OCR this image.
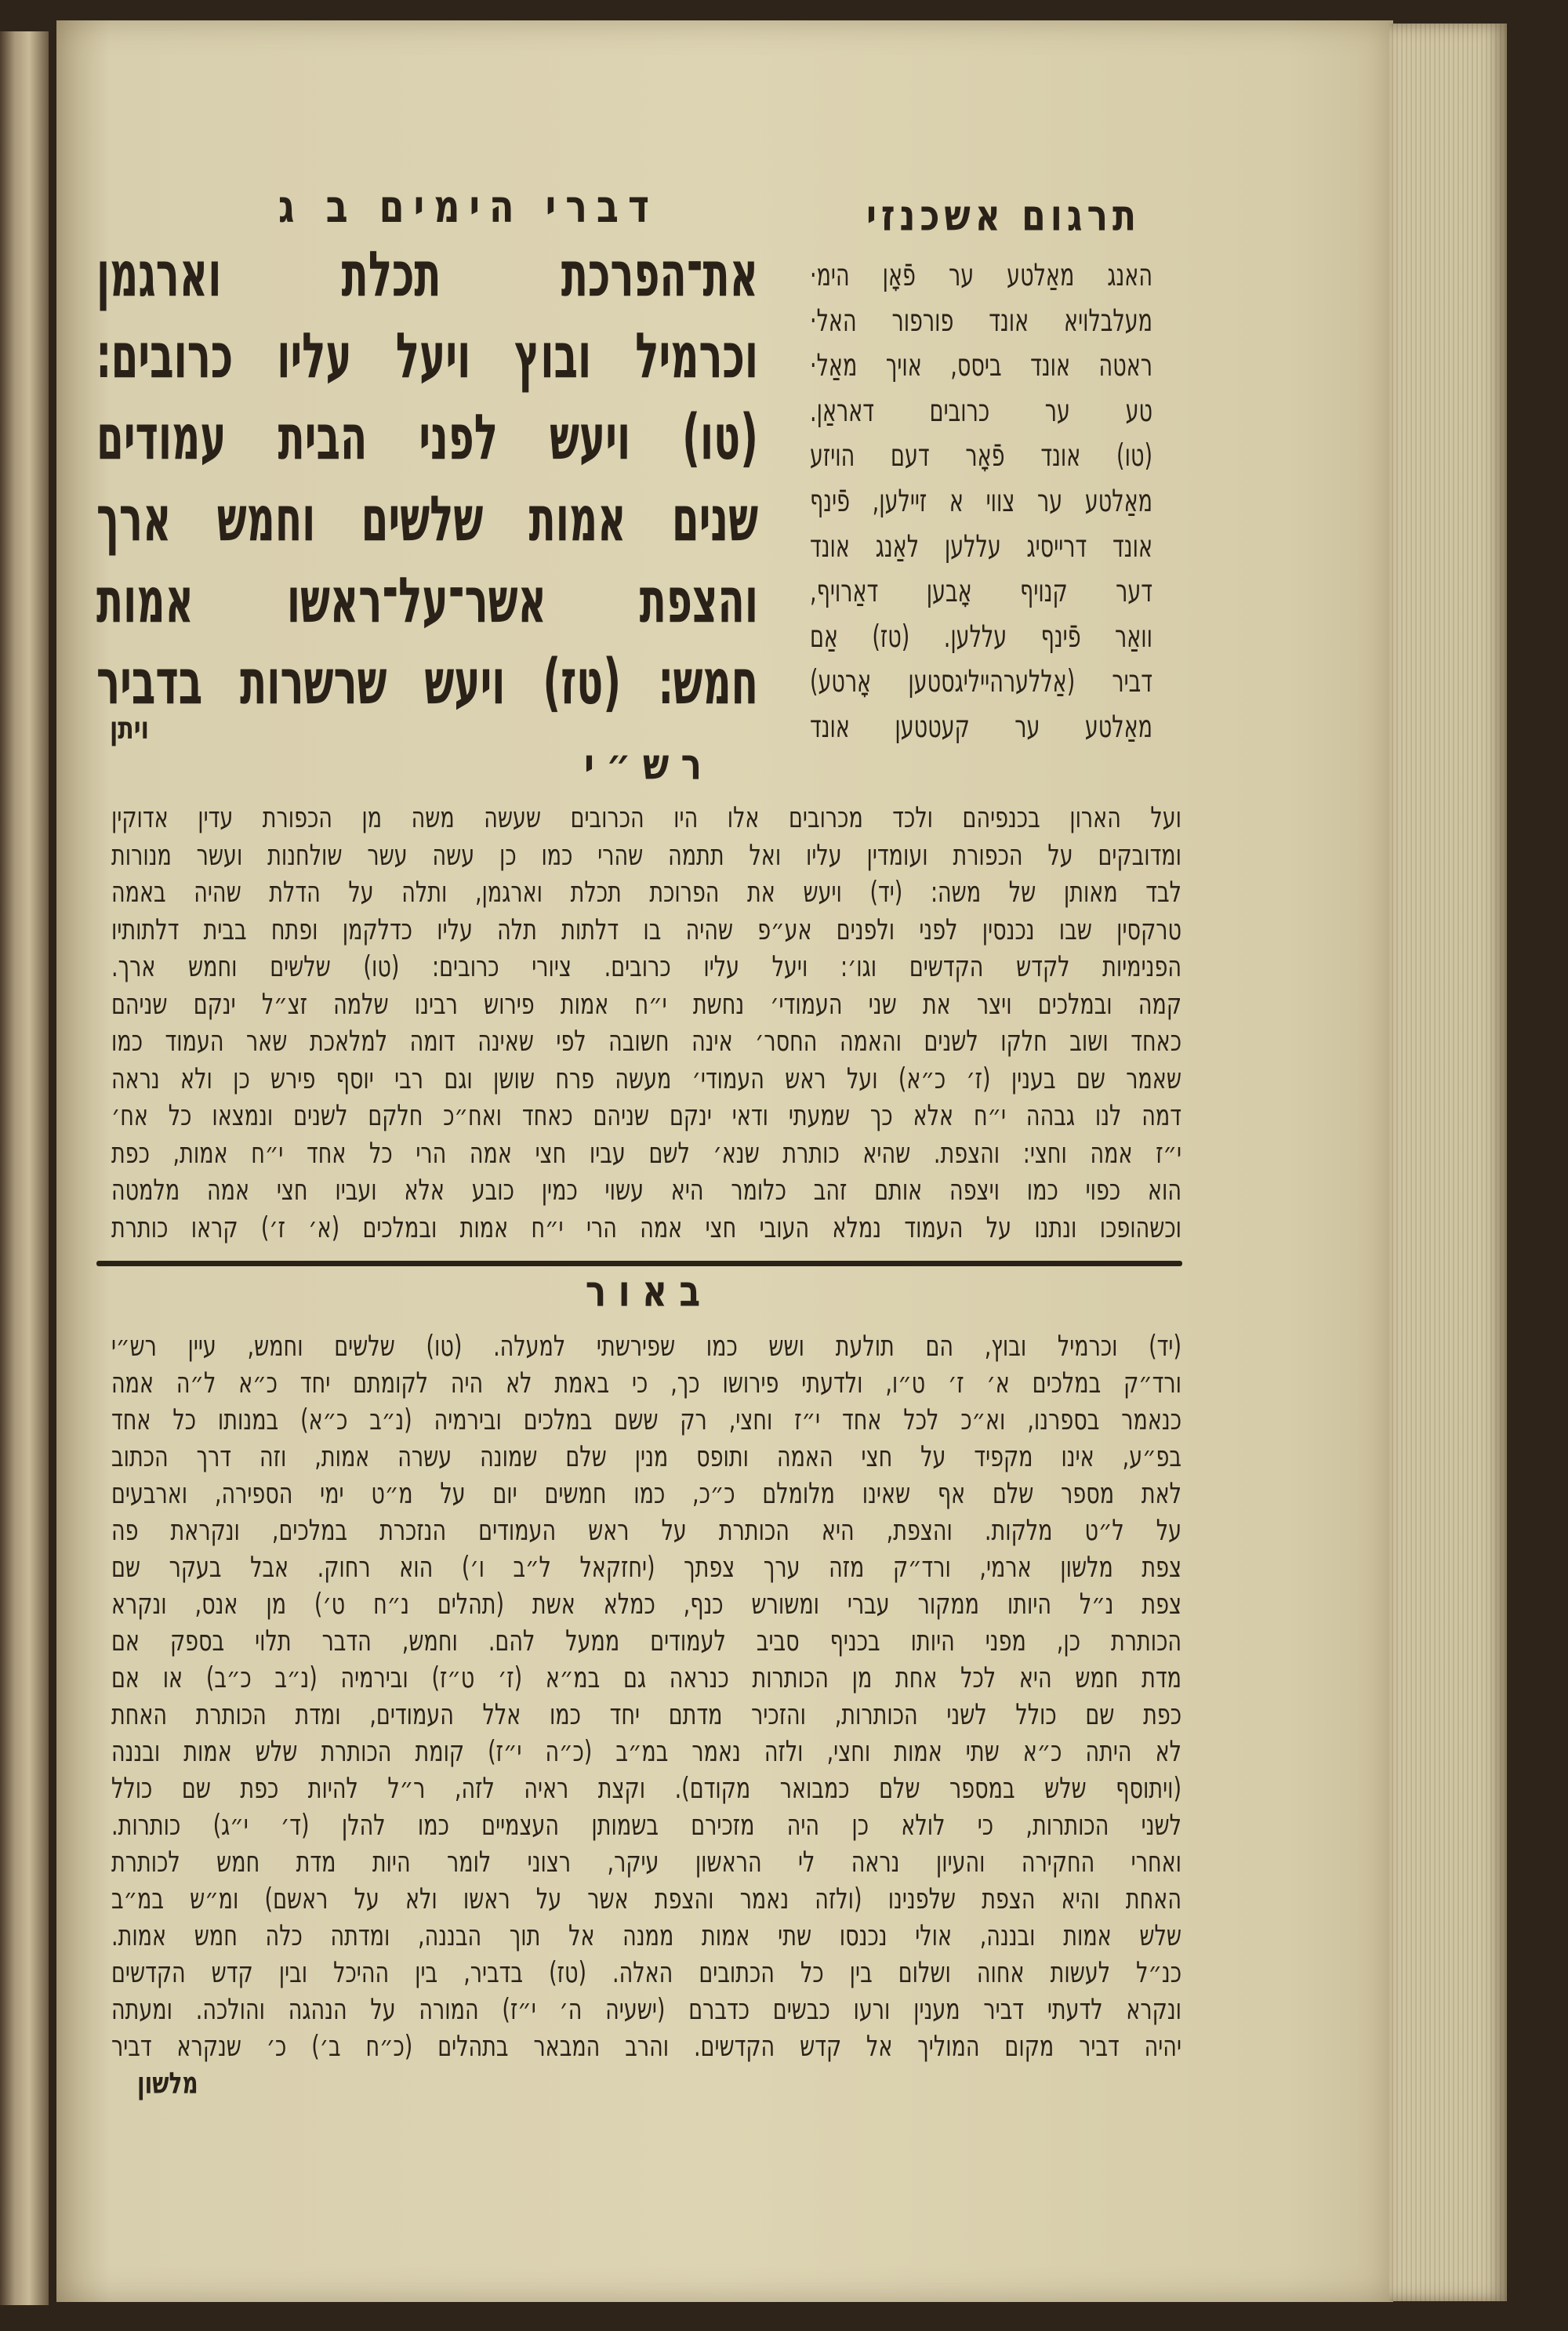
דברי הימים ב ג	תרגום אשכנזי
את־הפרכת תכלת וארגמן
וכרמיל ובוץ ויעל עליו כרובים׃
(טו) ויעש לפני הבית עמודים
שנים אמות שלשים וחמש ארך
והצפת אשר־על־ראשו אמות
חמש׃ (טז) ויעש שרשרות בדביר
ויתן
האנג מאַלטע ער פֿאָן הימ·
מעלבלויא אונד פורפור האל·
ראטה אונד ביסס, אויך מאַל·
טע ער כרובים דאראַן.
(טו) אונד פֿאָר דעם הויזע
מאַלטע ער צווי א זיילען, פֿינף
אונד דרייסיג עללען לאַנג אונד
דער קנויף אָבען דאַרויף,
וואַר פֿינף עללען. (טז) אַם
דביר (אַללערהייליגסטען אָרטע)
מאַלטע ער קעטטען אונד
ר ש ״ י
ועל הארון בכנפיהם ולכד מכרובים אלו היו הכרובים שעשה משה מן הכפורת עדין אדוקין
ומדובקים על הכפורת ועומדין עליו ואל תתמה שהרי כמו כן עשה עשר שולחנות ועשר מנורות
לבד מאותן של משה: (יד) ויעש את הפרוכת תכלת וארגמן, ותלה על הדלת שהיה באמה
טרקסין שבו נכנסין לפני ולפנים אע״פ שהיה בו דלתות תלה עליו כדלקמן ופתח בבית דלתותיו
הפנימיות לקדש הקדשים וגו׳: ויעל עליו כרובים. ציורי כרובים: (טו) שלשים וחמש ארך.
קמה ובמלכים ויצר את שני העמודי׳ נחשת י״ח אמות פירוש רבינו שלמה זצ״ל ינקם שניהם
כאחד ושוב חלקו לשנים והאמה החסר׳ אינה חשובה לפי שאינה דומה למלאכת שאר העמוד כמו
שאמר שם בענין (ז׳ כ״א) ועל ראש העמודי׳ מעשה פרח שושן וגם רבי יוסף פירש כן ולא נראה
דמה לנו גבהה י״ח אלא כך שמעתי ודאי ינקם שניהם כאחד ואח״כ חלקם לשנים ונמצאו כל אח׳
י״ז אמה וחצי: והצפת. שהיא כותרת שנא׳ לשם עביו חצי אמה הרי כל אחד י״ח אמות, כפת
הוא כפוי כמו ויצפה אותם זהב כלומר היא עשוי כמין כובע אלא ועביו חצי אמה מלמטה
וכשהופכו ונתנו על העמוד נמלא העובי חצי אמה הרי י״ח אמות ובמלכים (א׳ ז׳) קראו כותרת
ב א ו ר
(יד) וכרמיל ובוץ, הם תולעת ושש כמו שפירשתי למעלה. (טו) שלשים וחמש, עיין רש״י
ורד״ק במלכים א׳ ז׳ ט״ו, ולדעתי פירושו כך, כי באמת לא היה לקומתם יחד כ״א ל״ה אמה
כנאמר בספרנו, וא״כ לכל אחד י״ז וחצי, רק ששם במלכים ובירמיה (נ״ב כ״א) במנותו כל אחד
בפ״ע, אינו מקפיד על חצי האמה ותופס מנין שלם שמונה עשרה אמות, וזה דרך הכתוב
לאת מספר שלם אף שאינו מלומלם כ״כ, כמו חמשים יום על מ״ט ימי הספירה, וארבעים
על ל״ט מלקות. והצפת, היא הכותרת על ראש העמודים הנזכרת במלכים, ונקראת פה
צפת מלשון ארמי, ורד״ק מזה ערך צפתך (יחזקאל ל״ב ו׳) הוא רחוק. אבל בעקר שם
צפת נ״ל היותו ממקור עברי ומשורש כנף, כמלא אשת (תהלים נ״ח ט׳) מן אנס, ונקרא
הכותרת כן, מפני היותו בכניף סביב לעמודים ממעל להם. וחמש, הדבר תלוי בספק אם
מדת חמש היא לכל אחת מן הכותרות כנראה גם במ״א (ז׳ ט״ז) ובירמיה (נ״ב כ״ב) או אם
כפת שם כולל לשני הכותרות, והזכיר מדתם יחד כמו אלל העמודים, ומדת הכותרת האחת
לא היתה כ״א שתי אמות וחצי, ולזה נאמר במ״ב (כ״ה י״ז) קומת הכותרת שלש אמות ובננה
(ויתוסף שלש במספר שלם כמבואר מקודם). וקצת ראיה לזה, ר״ל להיות כפת שם כולל
לשני הכותרות, כי לולא כן היה מזכירם בשמותן העצמיים כמו להלן (ד׳ י״ג) כותרות.
ואחרי החקירה והעיון נראה לי הראשון עיקר, רצוני לומר היות מדת חמש לכותרת
האחת והיא הצפת שלפנינו (ולזה נאמר והצפת אשר על ראשו ולא על ראשם) ומ״ש במ״ב
שלש אמות ובננה, אולי נכנסו שתי אמות ממנה אל תוך הבננה, ומדתה כלה חמש אמות.
כנ״ל לעשות אחוה ושלום בין כל הכתובים האלה. (טז) בדביר, בין ההיכל ובין קדש הקדשים
ונקרא לדעתי דביר מענין ורעו כבשים כדברם (ישעיה ה׳ י״ז) המורה על הנהגה והולכה. ומעתה
יהיה דביר מקום המוליך אל קדש הקדשים. והרב המבאר בתהלים (כ״ח ב׳) כ׳ שנקרא דביר
מלשון
